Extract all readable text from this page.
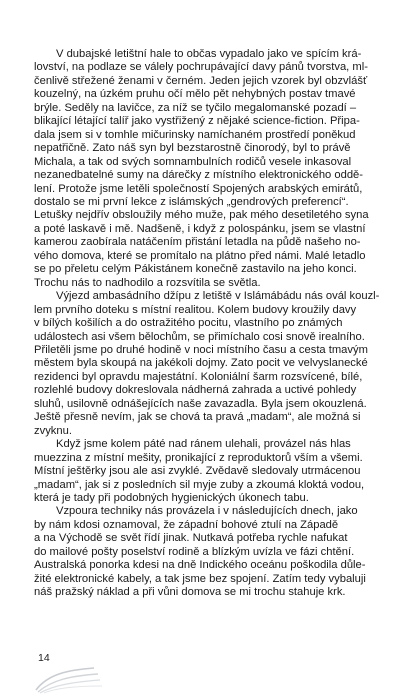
V dubajské letištní hale to občas vypadalo jako ve spícím krá-
lovství, na podlaze se válely pochrupávající davy pánů tvorstva, ml-
čenlivě střežené ženami v černém. Jeden jejich vzorek byl obzvlášť
kouzelný, na úzkém pruhu očí mělo pět nehybných postav tmavé
brýle. Seděly na lavičce, za níž se tyčilo megalomanské pozadí –
blikající létající talíř jako vystřižený z nějaké science-fiction. Připa-
dala jsem si v tomhle mičurinsky namíchaném prostředí poněkud
nepatřičně. Zato náš syn byl bezstarostně činorodý, byl to právě
Michala, a tak od svých somnambulních rodičů vesele inkasoval
nezanedbatelné sumy na dárečky z místního elektronického oddě-
lení. Protože jsme letěli společností Spojených arabských emirátů,
dostalo se mi první lekce z islámských „gendrových preferencí“.
Letušky nejdřív obsloužily mého muže, pak mého desetiletého syna
a poté laskavě i mě. Nadšeně, i když z polospánku, jsem se vlastní
kamerou zaobírala natáčením přistání letadla na půdě našeho no-
vého domova, které se promítalo na plátno před námi. Malé letadlo
se po přeletu celým Pákistánem konečně zastavilo na jeho konci.
Trochu nás to nadhodilo a rozsvítila se světla.

Výjezd ambasádního džípu z letiště v Islámábádu nás ovál kouzl-
lem prvního doteku s místní realitou. Kolem budovy kroužily davy
v bílých košilích a do ostražitého pocitu, vlastního po známých
událostech asi všem bělochům, se přimíchalo cosi snově irealního.
Přiletěli jsme po druhé hodině v noci místního času a cesta tmavým
městem byla skoupá na jakékoli dojmy. Zato pocit ve velvyslanecké
rezidenci byl opravdu majestátní. Koloniální šarm rozsvícené, bílé,
rozlehlé budovy dokreslovala nádherná zahrada a uctivé pohledy
sluhů, usilovně odnášejících naše zavazadla. Byla jsem okouzlená.
Ještě přesně nevím, jak se chová ta pravá „madam“, ale možná si
zvyknu.

Když jsme kolem páté nad ránem ulehali, provázel nás hlas
muezzina z místní mešity, pronikající z reproduktorů vším a všemi.
Místní ještěrky jsou ale asi zvyklé. Zvědavě sledovaly utrmácenou
„madam“, jak si z posledních sil myje zuby a zkoumá kloktá vodou,
která je tady při podobných hygienických úkonech tabu.

Vzpoura techniky nás provázela i v následujících dnech, jako
by nám kdosi oznamoval, že západní bohové ztulí na Západě
a na Východě se svět řídí jinak. Nutkavá potřeba rychle nafukat
do mailové pošty poselství rodině a blízkým uvízla ve fázi chtění.
Australská ponorka kdesi na dně Indického oceánu poškodila důle-
žité elektronické kabely, a tak jsme bez spojení. Zatím tedy vybaluji
náš pražský náklad a při vůni domova se mi trochu stahuje krk.

14
